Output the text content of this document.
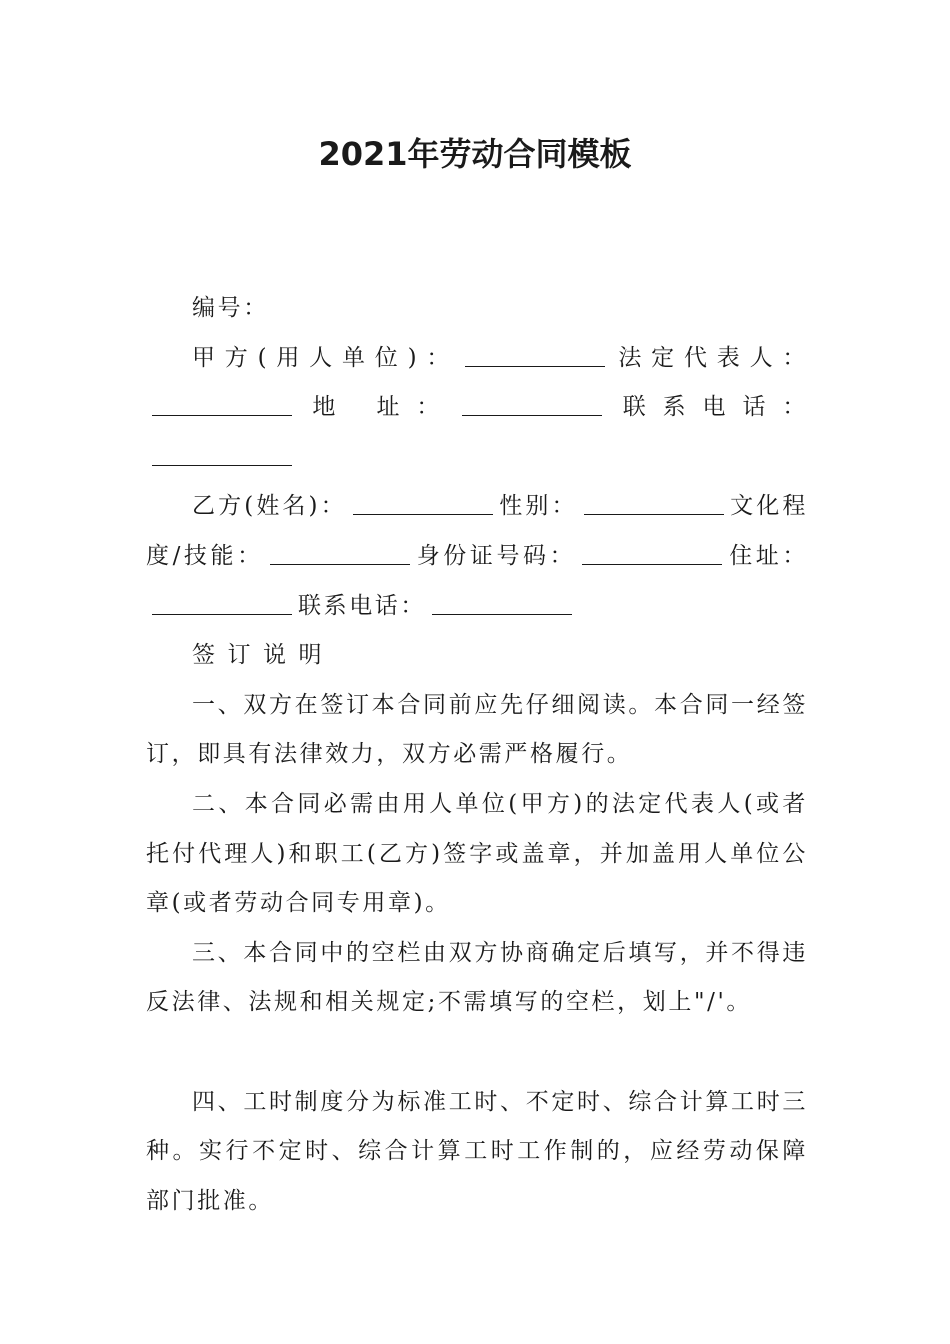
2021年劳动合同模板

编号：

甲方(用人单位)：	法定代表人：地 址：	联系电话：

乙方(姓名)：	性别：	文化程度/技能：	身份证号码：	住址：联系电话：

签 订 说 明

一、双方在签订本合同前应先仔细阅读。本合同一经签订，即具有法律效力，双方必需严格履行。

二、本合同必需由用人单位(甲方)的法定代表人(或者托付代理人)和职工(乙方)签字或盖章，并加盖用人单位公章(或者劳动合同专用章)。

三、本合同中的空栏由双方协商确定后填写，并不得违反法律、法规和相关规定;不需填写的空栏，划上"/'。

四、工时制度分为标准工时、不定时、综合计算工时三种。实行不定时、综合计算工时工作制的，应经劳动保障部门批准。
